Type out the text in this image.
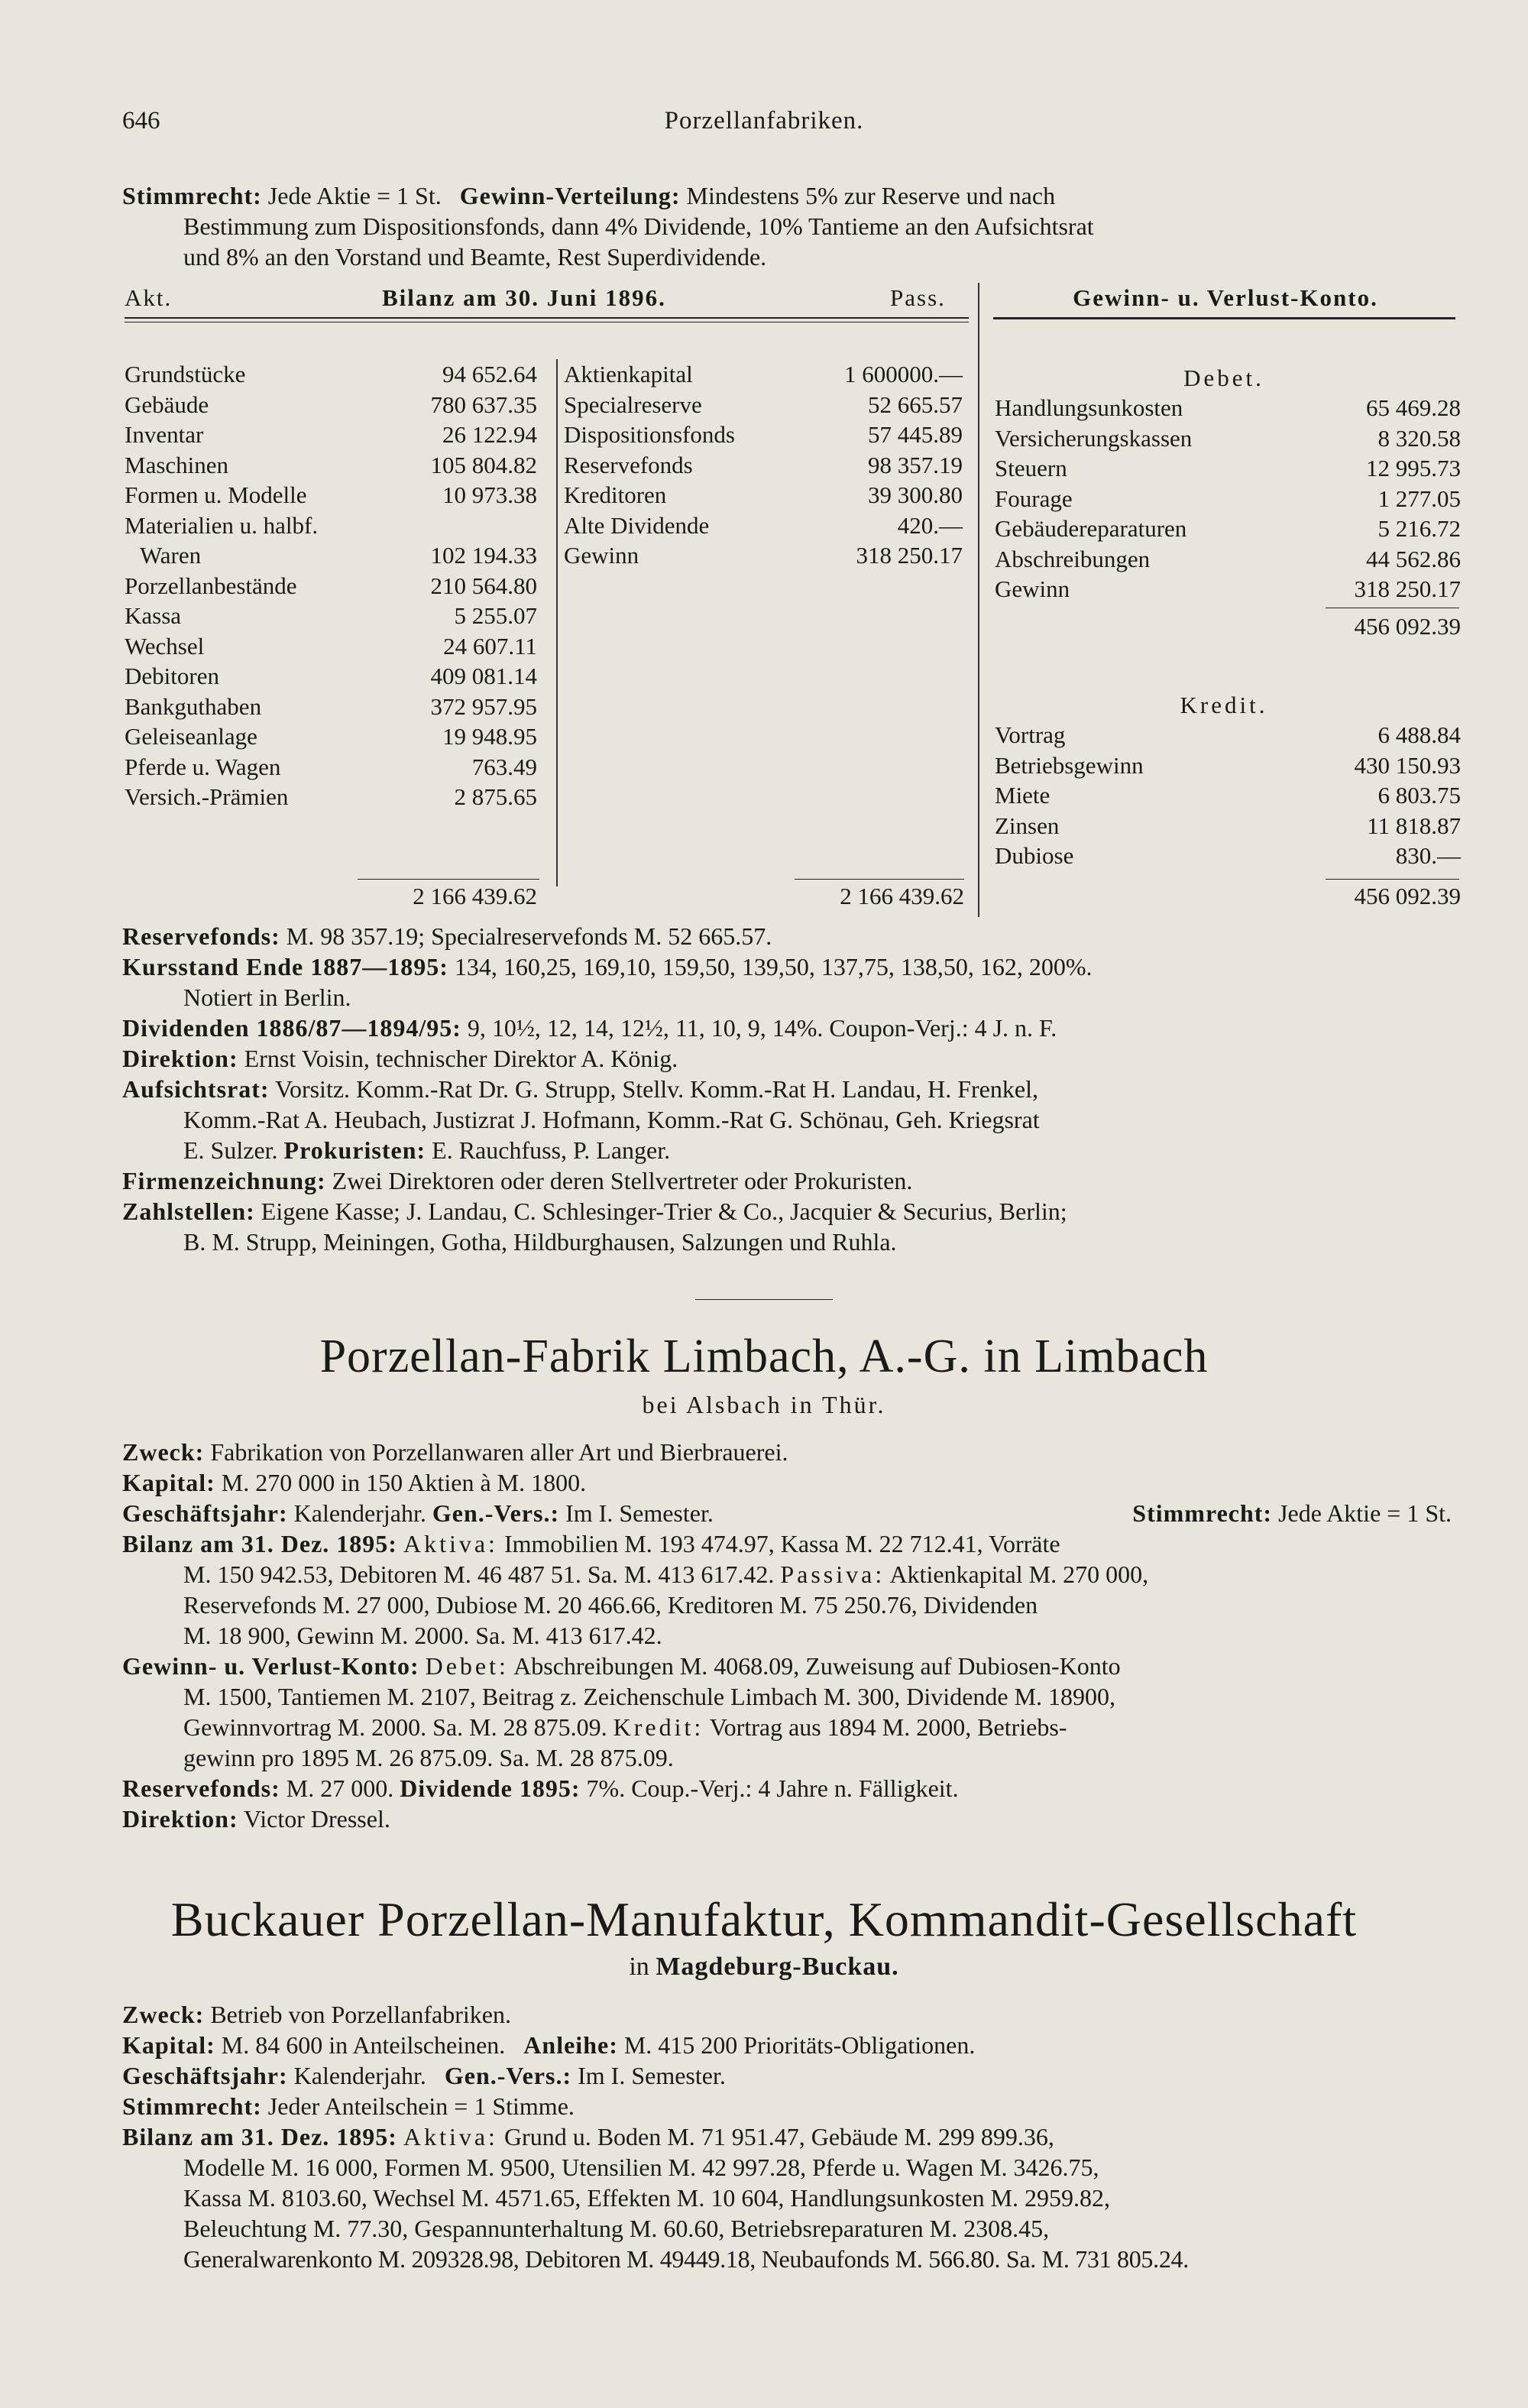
646	Porzellanfabriken.

Stimmrecht: Jede Aktie = 1 St. Gewinn-Verteilung: Mindestens 5% zur Reserve und nach

Bestimmung zum Dispositionsfonds, dann 4% Dividende, 10% Tantieme an den Aufsichtsrat

und 8% an den Vorstand und Beamte, Rest Superdividende.

Akt.	Bilanz am 30. Juni 1896.	Pass.	Gewinn- u. Verlust-Konto.
Grundstücke	94 652.64
Gebäude	780 637.35
Inventar	26 122.94
Maschinen	105 804.82
Formen u. Modelle	10 973.38
Materialien u. halbf.
Waren	102 194.33
Porzellanbestände	210 564.80
Kassa	5 255.07
Wechsel	24 607.11
Debitoren	409 081.14
Bankguthaben	372 957.95
Geleiseanlage	19 948.95
Pferde u. Wagen	763.49
Versich.-Prämien	2 875.65
Aktienkapital	1 600000.—
Specialreserve	52 665.57
Dispositionsfonds	57 445.89
Reservefonds	98 357.19
Kreditoren	39 300.80
Alte Dividende	420.—
Gewinn	318 250.17
2 166 439.62	2 166 439.62
Debet.
Handlungsunkosten	65 469.28
Versicherungskassen	8 320.58
Steuern	12 995.73
Fourage	1 277.05
Gebäudereparaturen	5 216.72
Abschreibungen	44 562.86
Gewinn	318 250.17
456 092.39
Kredit.
Vortrag	6 488.84
Betriebsgewinn	430 150.93
Miete	6 803.75
Zinsen	11 818.87
Dubiose	830.—
456 092.39

Reservefonds: M. 98 357.19; Specialreservefonds M. 52 665.57.

Kursstand Ende 1887—1895: 134, 160,25, 169,10, 159,50, 139,50, 137,75, 138,50, 162, 200%.

Notiert in Berlin.

Dividenden 1886/87—1894/95: 9, 10½, 12, 14, 12½, 11, 10, 9, 14%. Coupon-Verj.: 4 J. n. F.

Direktion: Ernst Voisin, technischer Direktor A. König.

Aufsichtsrat: Vorsitz. Komm.-Rat Dr. G. Strupp, Stellv. Komm.-Rat H. Landau, H. Frenkel,

Komm.-Rat A. Heubach, Justizrat J. Hofmann, Komm.-Rat G. Schönau, Geh. Kriegsrat

E. Sulzer. Prokuristen: E. Rauchfuss, P. Langer.

Firmenzeichnung: Zwei Direktoren oder deren Stellvertreter oder Prokuristen.

Zahlstellen: Eigene Kasse; J. Landau, C. Schlesinger-Trier & Co., Jacquier & Securius, Berlin;

B. M. Strupp, Meiningen, Gotha, Hildburghausen, Salzungen und Ruhla.

Porzellan-Fabrik Limbach, A.-G. in Limbach
bei Alsbach in Thür.

Zweck: Fabrikation von Porzellanwaren aller Art und Bierbrauerei.

Kapital: M. 270 000 in 150 Aktien à M. 1800.

Geschäftsjahr: Kalenderjahr. Gen.-Vers.: Im I. Semester.	Stimmrecht: Jede Aktie = 1 St.

Bilanz am 31. Dez. 1895: Aktiva: Immobilien M. 193 474.97, Kassa M. 22 712.41, Vorräte

M. 150 942.53, Debitoren M. 46 487 51. Sa. M. 413 617.42. Passiva: Aktienkapital M. 270 000,

Reservefonds M. 27 000, Dubiose M. 20 466.66, Kreditoren M. 75 250.76, Dividenden

M. 18 900, Gewinn M. 2000. Sa. M. 413 617.42.

Gewinn- u. Verlust-Konto: Debet: Abschreibungen M. 4068.09, Zuweisung auf Dubiosen-Konto

M. 1500, Tantiemen M. 2107, Beitrag z. Zeichenschule Limbach M. 300, Dividende M. 18900,

Gewinnvortrag M. 2000. Sa. M. 28 875.09. Kredit: Vortrag aus 1894 M. 2000, Betriebs-

gewinn pro 1895 M. 26 875.09. Sa. M. 28 875.09.

Reservefonds: M. 27 000. Dividende 1895: 7%. Coup.-Verj.: 4 Jahre n. Fälligkeit.

Direktion: Victor Dressel.

Buckauer Porzellan-Manufaktur, Kommandit-Gesellschaft
in Magdeburg-Buckau.

Zweck: Betrieb von Porzellanfabriken.

Kapital: M. 84 600 in Anteilscheinen. Anleihe: M. 415 200 Prioritäts-Obligationen.

Geschäftsjahr: Kalenderjahr. Gen.-Vers.: Im I. Semester.

Stimmrecht: Jeder Anteilschein = 1 Stimme.

Bilanz am 31. Dez. 1895: Aktiva: Grund u. Boden M. 71 951.47, Gebäude M. 299 899.36,

Modelle M. 16 000, Formen M. 9500, Utensilien M. 42 997.28, Pferde u. Wagen M. 3426.75,

Kassa M. 8103.60, Wechsel M. 4571.65, Effekten M. 10 604, Handlungsunkosten M. 2959.82,

Beleuchtung M. 77.30, Gespannunterhaltung M. 60.60, Betriebsreparaturen M. 2308.45,

Generalwarenkonto M. 209328.98, Debitoren M. 49449.18, Neubaufonds M. 566.80. Sa. M. 731 805.24.
